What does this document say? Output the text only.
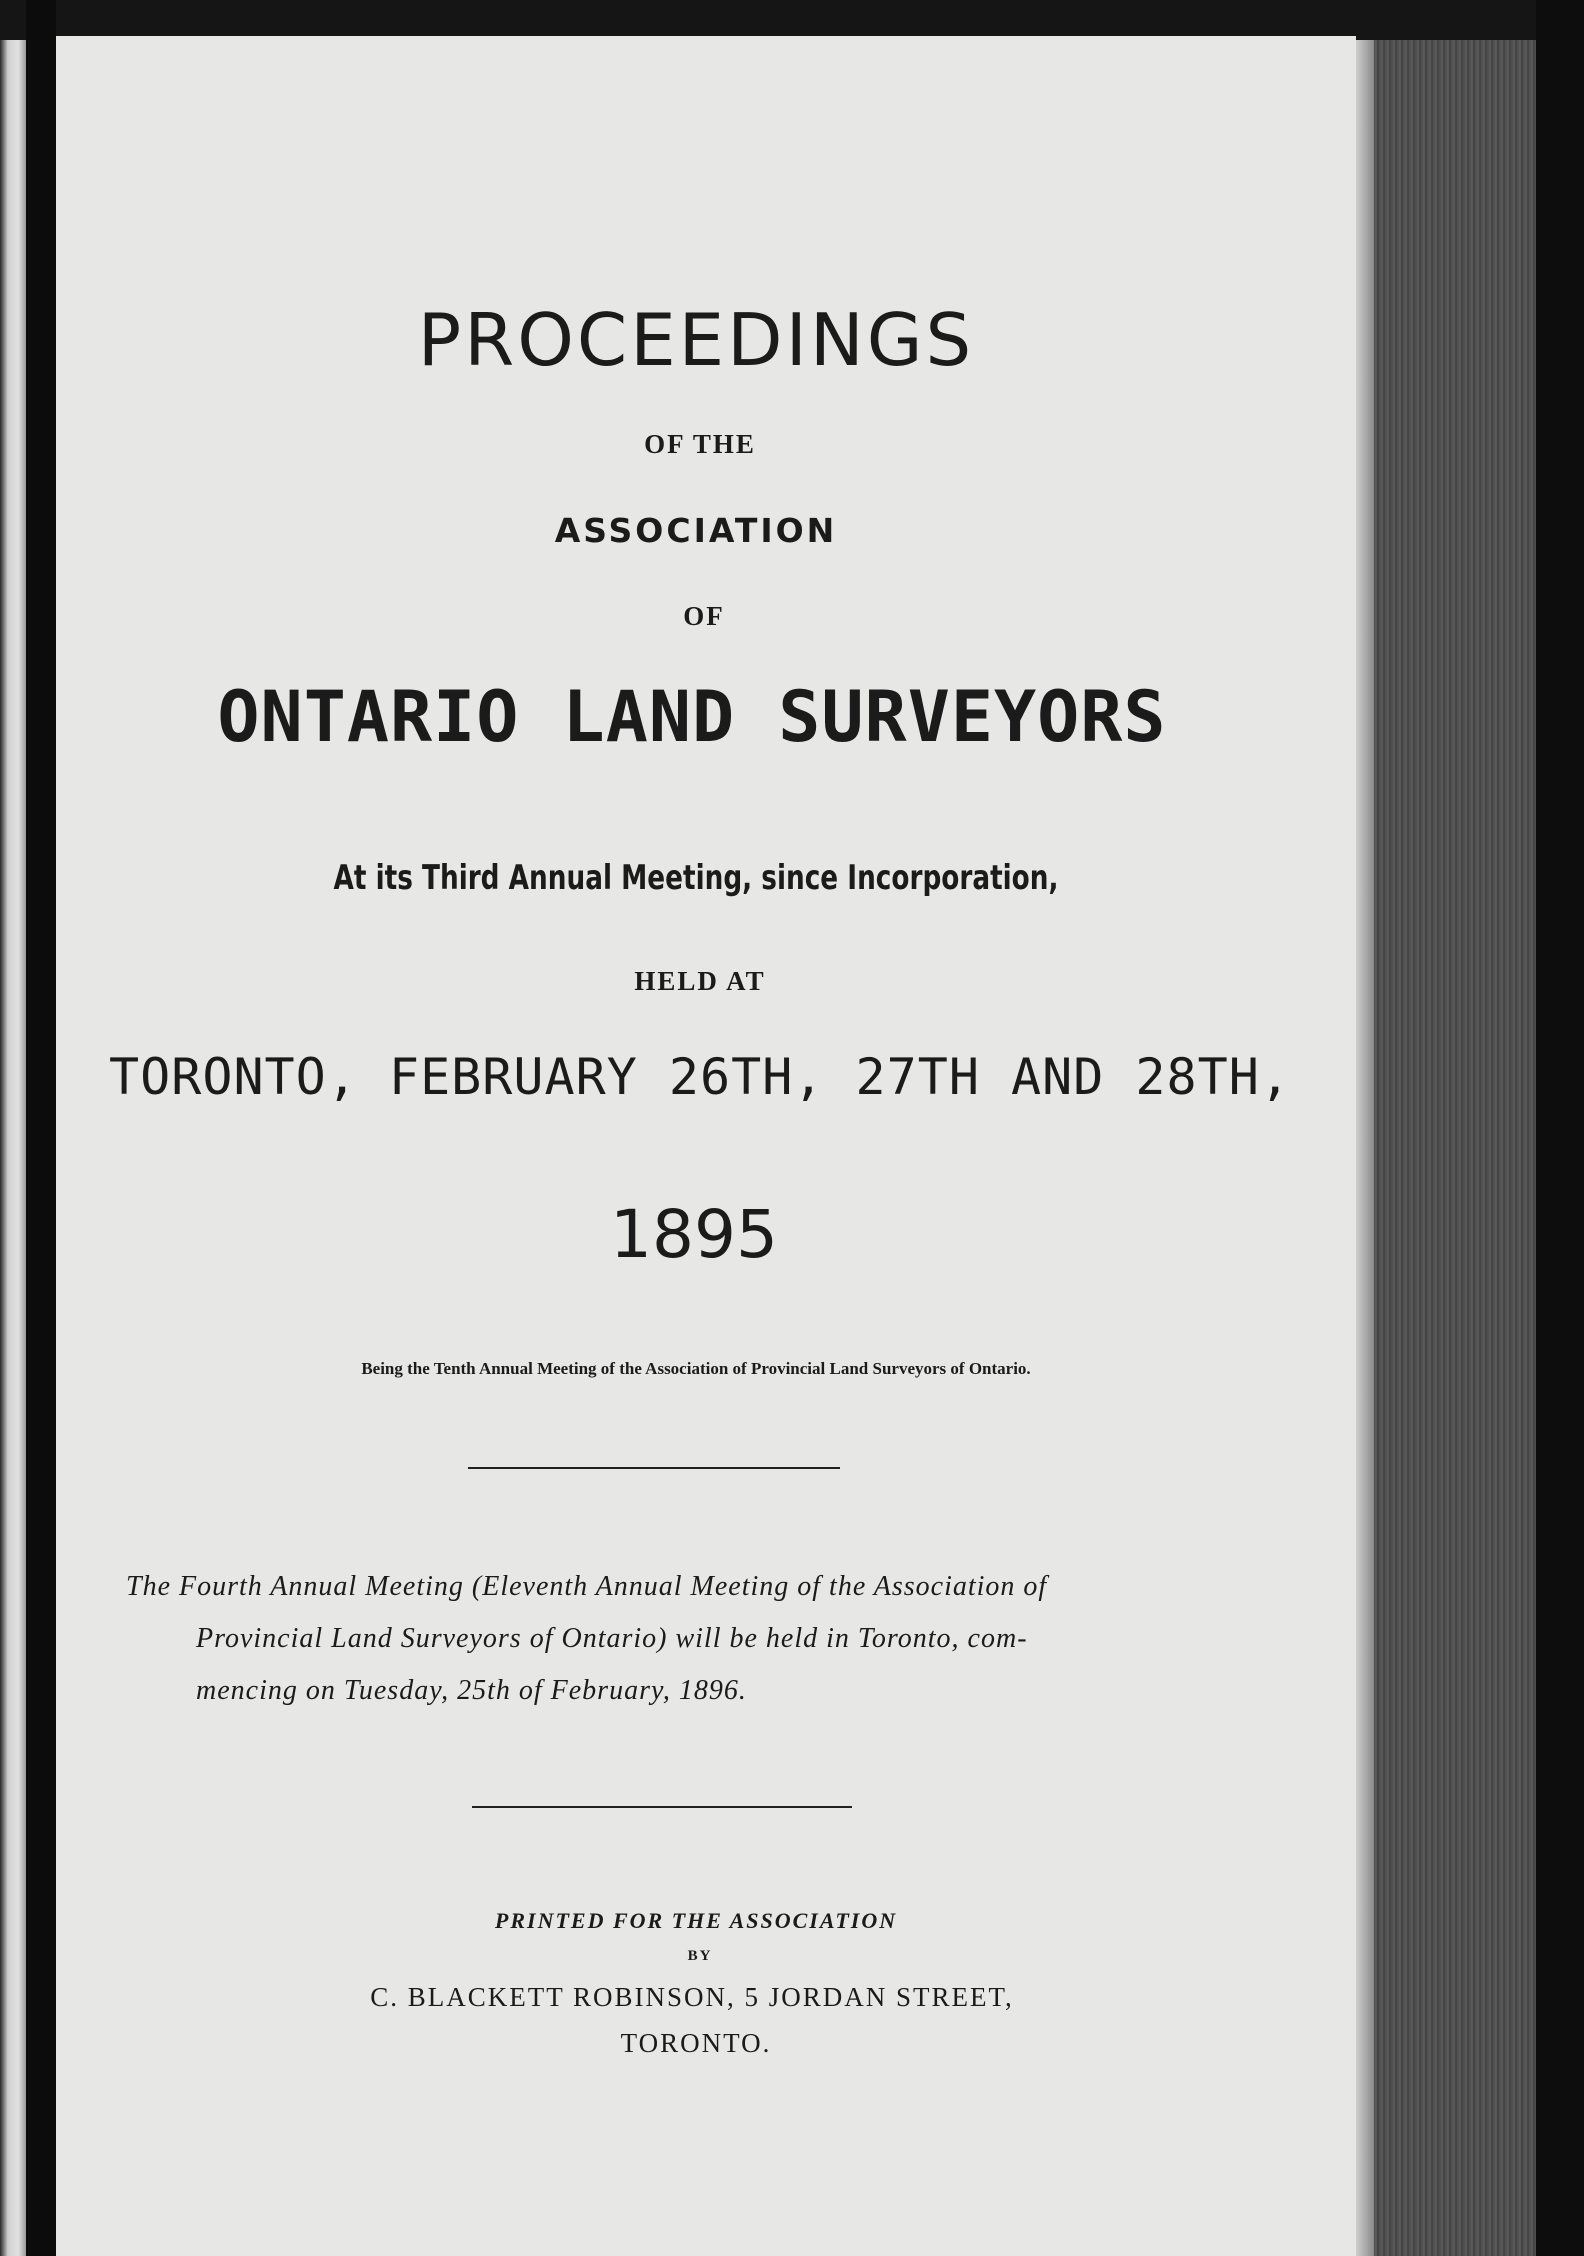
PROCEEDINGS
OF THE
ASSOCIATION
OF
ONTARIO LAND SURVEYORS
At its Third Annual Meeting, since Incorporation,
HELD AT
TORONTO, FEBRUARY 26TH, 27TH AND 28TH,
1895
Being the Tenth Annual Meeting of the Association of Provincial Land Surveyors of Ontario.
The Fourth Annual Meeting (Eleventh Annual Meeting of the Association of
Provincial Land Surveyors of Ontario) will be held in Toronto, com-
mencing on Tuesday, 25th of February, 1896.
PRINTED FOR THE ASSOCIATION
BY
C. BLACKETT ROBINSON, 5 JORDAN STREET,
TORONTO.
